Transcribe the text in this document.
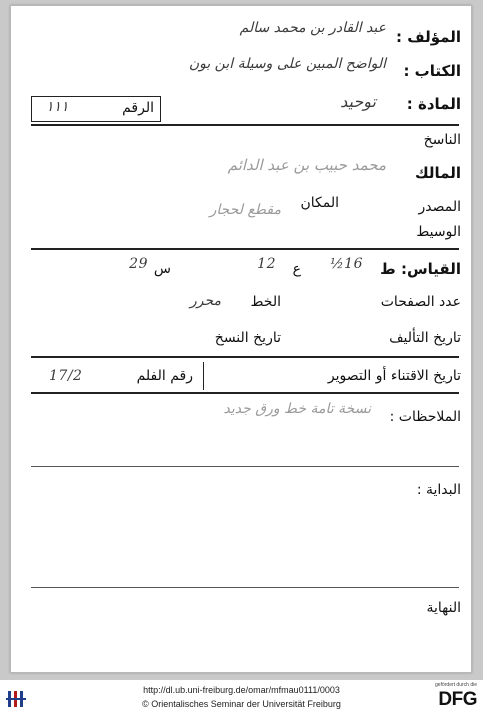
المؤلف :
عبد القادر بن محمد سالم
الكتاب :
الواضح المبين على وسيلة ابن بون
المادة :
توحيد
الرقم
١١١
الناسخ
المالك
محمد حبيب بن عبد الدائم
المصدر
المكان
مقطع لحجار
الوسيط
القياس: ط
16½
ع
12
س
29
عدد الصفحات
الخط
محرر
تاريخ التأليف
تاريخ النسخ
تاريخ الاقتناء أو التصوير
رقم الفلم
17/2
الملاحظات :
نسخة تامة خط ورق جديد
البداية :
النهاية
http://dl.ub.uni-freiburg.de/omar/mfmau0111/0003
© Orientalisches Seminar der Universität Freiburg
gefördert durch die
DFG
